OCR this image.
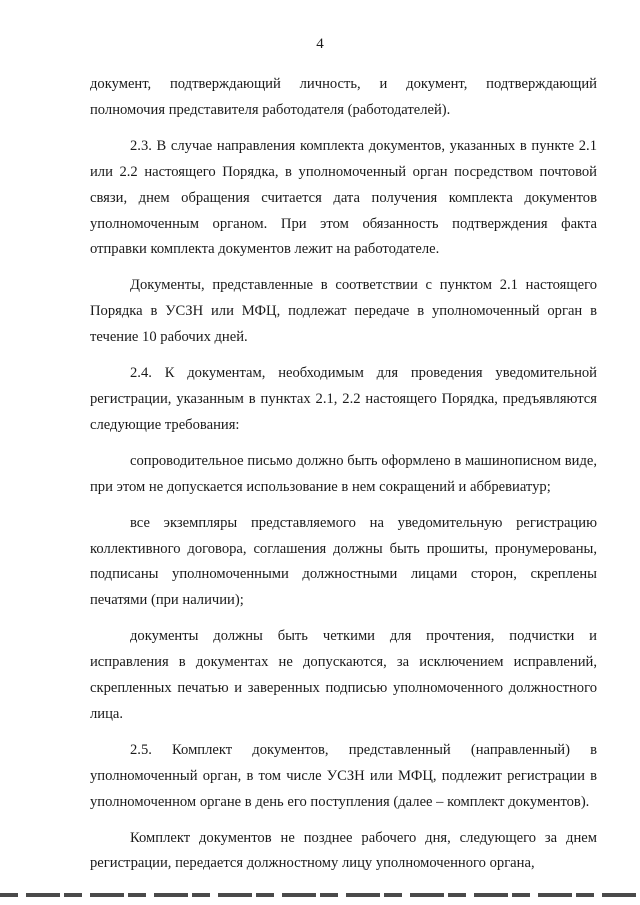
4

документ, подтверждающий личность, и документ, подтверждающий полномочия представителя работодателя (работодателей).

2.3. В случае направления комплекта документов, указанных в пункте 2.1 или 2.2 настоящего Порядка, в уполномоченный орган посредством почтовой связи, днем обращения считается дата получения комплекта документов уполномоченным органом. При этом обязанность подтверждения факта отправки комплекта документов лежит на работодателе.

Документы, представленные в соответствии с пунктом 2.1 настоящего Порядка в УСЗН или МФЦ, подлежат передаче в уполномоченный орган в течение 10 рабочих дней.

2.4. К документам, необходимым для проведения уведомительной регистрации, указанным в пунктах 2.1, 2.2 настоящего Порядка, предъявляются следующие требования:

сопроводительное письмо должно быть оформлено в машинописном виде, при этом не допускается использование в нем сокращений и аббревиатур;

все экземпляры представляемого на уведомительную регистрацию коллективного договора, соглашения должны быть прошиты, пронумерованы, подписаны уполномоченными должностными лицами сторон, скреплены печатями (при наличии);

документы должны быть четкими для прочтения, подчистки и исправления в документах не допускаются, за исключением исправлений, скрепленных печатью и заверенных подписью уполномоченного должностного лица.

2.5. Комплект документов, представленный (направленный) в уполномоченный орган, в том числе УСЗН или МФЦ, подлежит регистрации в уполномоченном органе в день его поступления (далее – комплект документов).

Комплект документов не позднее рабочего дня, следующего за днем регистрации, передается должностному лицу уполномоченного органа,
